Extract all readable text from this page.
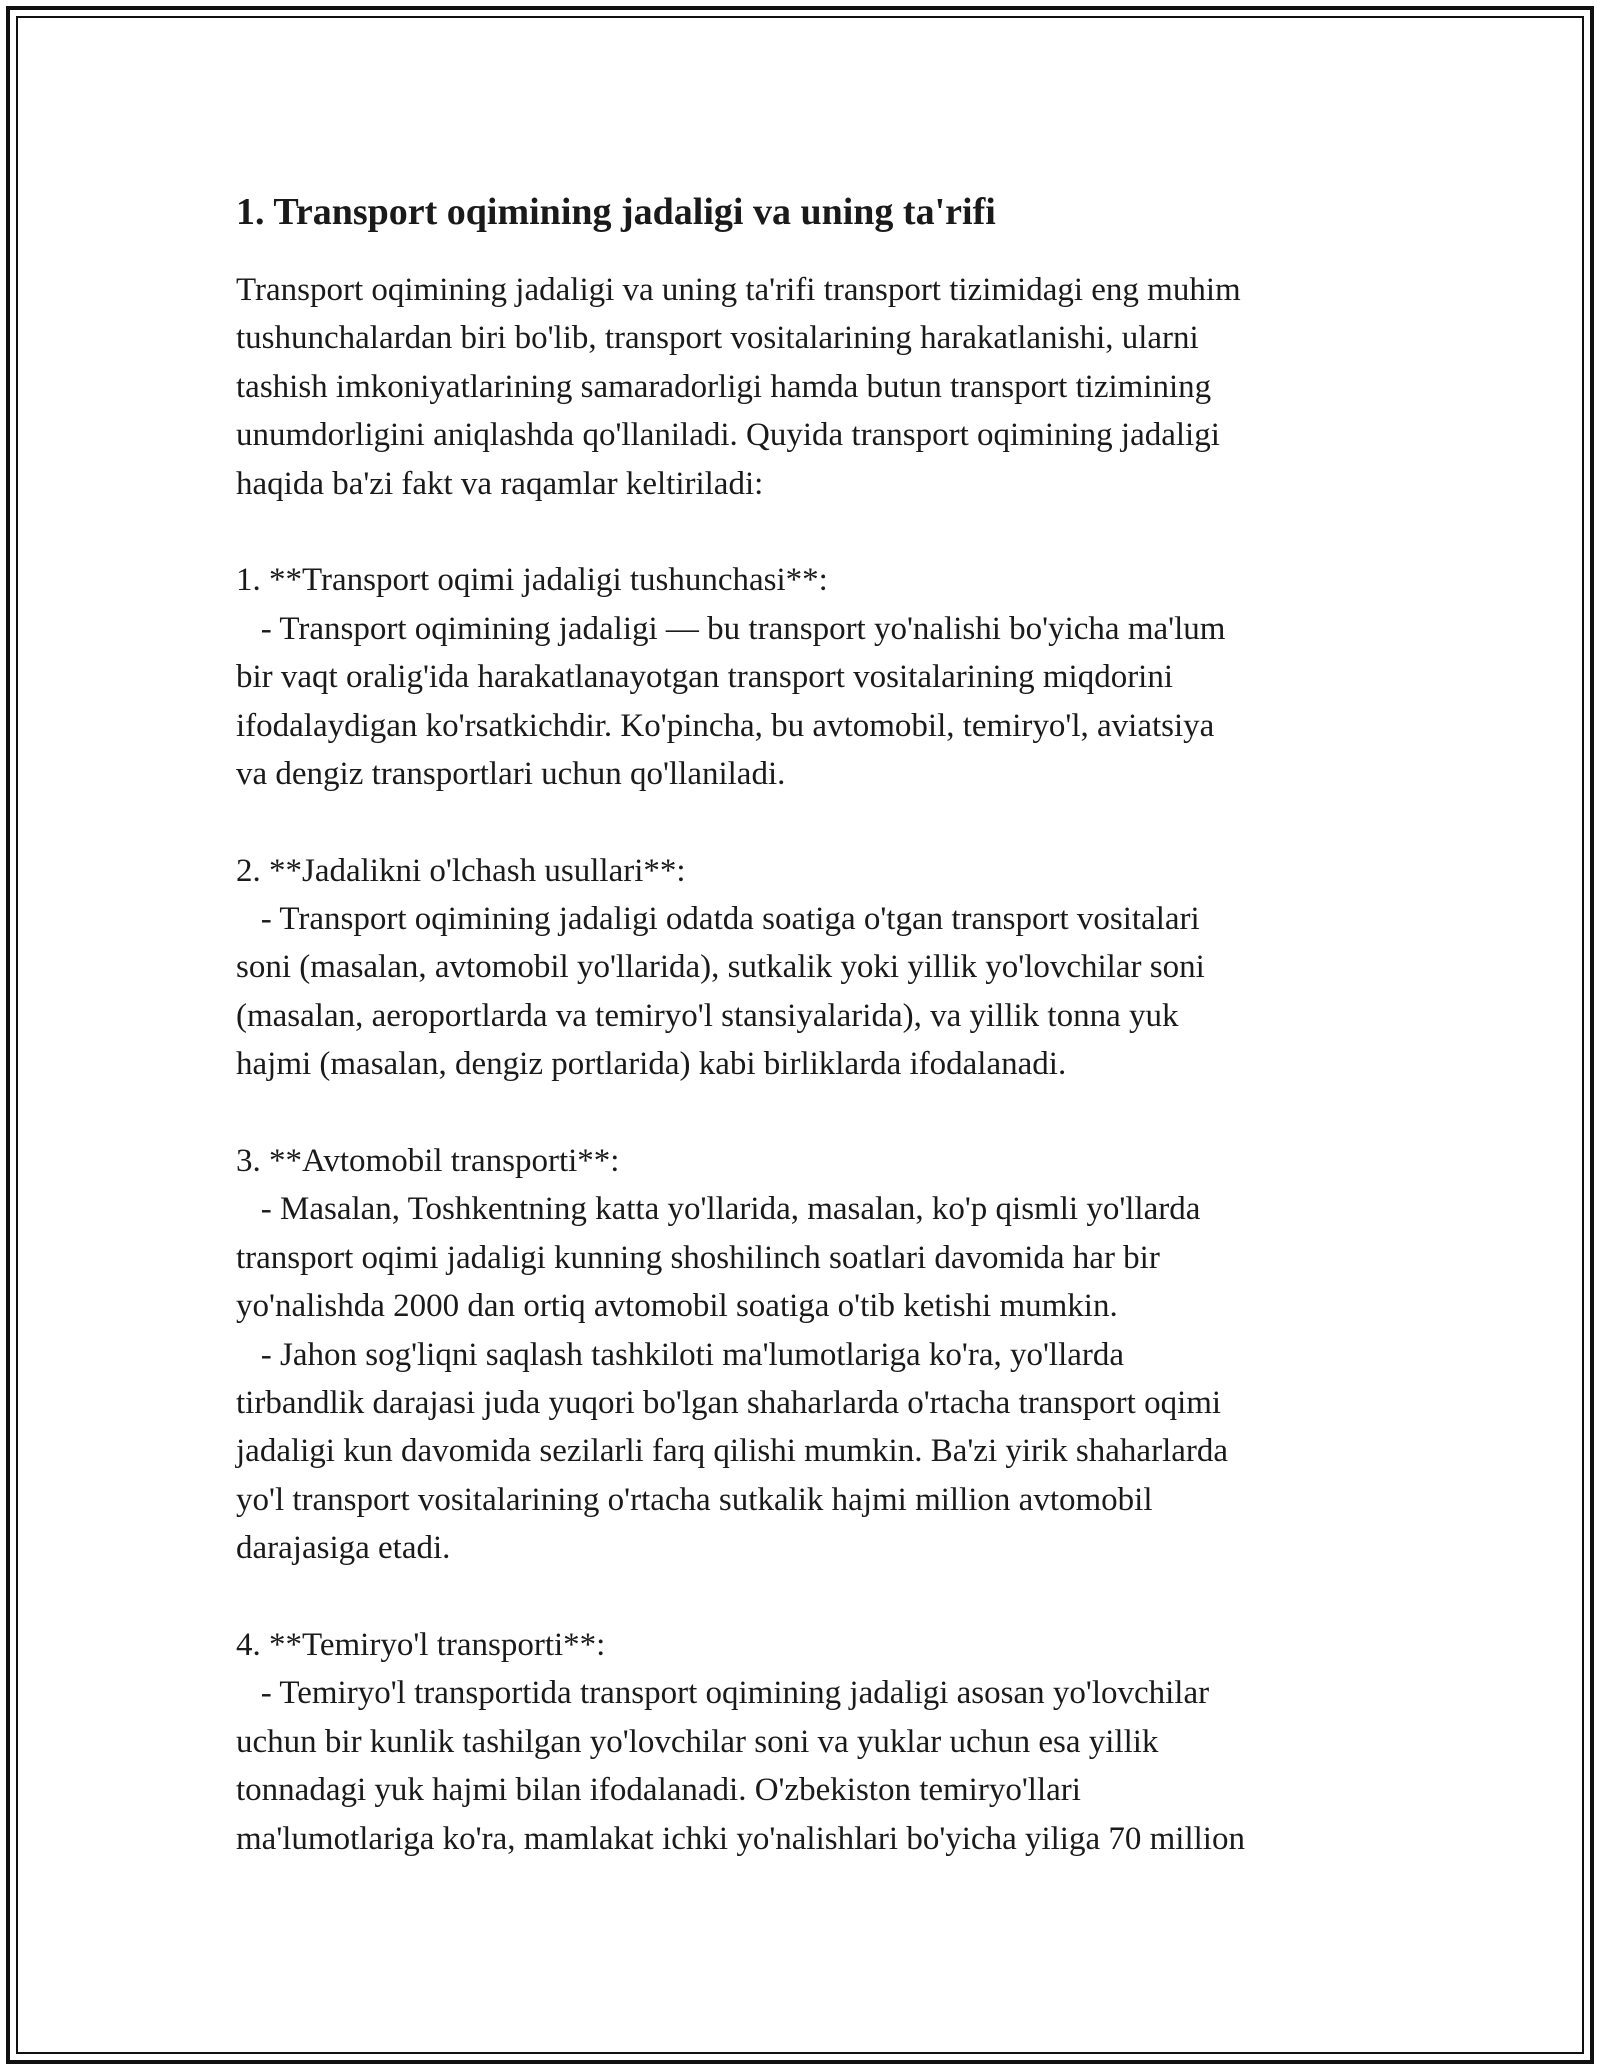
1. Transport oqimining jadaligi va uning ta'rifi
Transport oqimining jadaligi va uning ta'rifi transport tizimidagi eng muhim
tushunchalardan biri bo'lib, transport vositalarining harakatlanishi, ularni
tashish imkoniyatlarining samaradorligi hamda butun transport tizimining
unumdorligini aniqlashda qo'llaniladi. Quyida transport oqimining jadaligi
haqida ba'zi fakt va raqamlar keltiriladi:
1. **Transport oqimi jadaligi tushunchasi**:
- Transport oqimining jadaligi — bu transport yo'nalishi bo'yicha ma'lum
bir vaqt oralig'ida harakatlanayotgan transport vositalarining miqdorini
ifodalaydigan ko'rsatkichdir. Ko'pincha, bu avtomobil, temiryo'l, aviatsiya
va dengiz transportlari uchun qo'llaniladi.
2. **Jadalikni o'lchash usullari**:
- Transport oqimining jadaligi odatda soatiga o'tgan transport vositalari
soni (masalan, avtomobil yo'llarida), sutkalik yoki yillik yo'lovchilar soni
(masalan, aeroportlarda va temiryo'l stansiyalarida), va yillik tonna yuk
hajmi (masalan, dengiz portlarida) kabi birliklarda ifodalanadi.
3. **Avtomobil transporti**:
- Masalan, Toshkentning katta yo'llarida, masalan, ko'p qismli yo'llarda
transport oqimi jadaligi kunning shoshilinch soatlari davomida har bir
yo'nalishda 2000 dan ortiq avtomobil soatiga o'tib ketishi mumkin.
- Jahon sog'liqni saqlash tashkiloti ma'lumotlariga ko'ra, yo'llarda
tirbandlik darajasi juda yuqori bo'lgan shaharlarda o'rtacha transport oqimi
jadaligi kun davomida sezilarli farq qilishi mumkin. Ba'zi yirik shaharlarda
yo'l transport vositalarining o'rtacha sutkalik hajmi million avtomobil
darajasiga etadi.
4. **Temiryo'l transporti**:
- Temiryo'l transportida transport oqimining jadaligi asosan yo'lovchilar
uchun bir kunlik tashilgan yo'lovchilar soni va yuklar uchun esa yillik
tonnadagi yuk hajmi bilan ifodalanadi. O'zbekiston temiryo'llari
ma'lumotlariga ko'ra, mamlakat ichki yo'nalishlari bo'yicha yiliga 70 million
